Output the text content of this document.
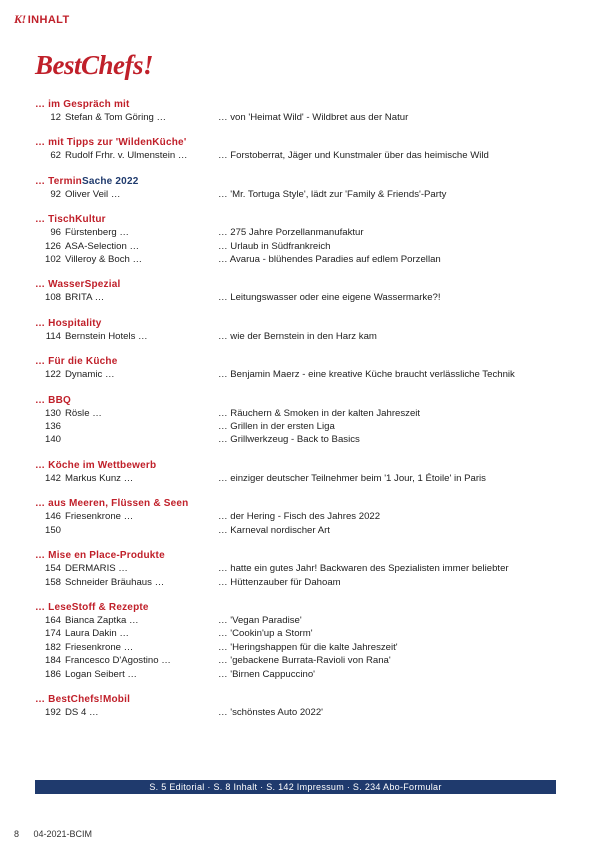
K! INHALT
BestChefs!
… im Gespräch mit
12 Stefan & Tom Göring …	… von 'Heimat Wild' - Wildbret aus der Natur
… mit Tipps zur 'WildenKüche'
62 Rudolf Frhr. v. Ulmenstein …	… Forstoberrat, Jäger und Kunstmaler über das heimische Wild
… TerminSache 2022
92 Oliver Veil …	… 'Mr. Tortuga Style', lädt zur 'Family & Friends'-Party
… TischKultur
96 Fürstenberg …	… 275 Jahre Porzellanmanufaktur
126 ASA-Selection …	… Urlaub in Südfrankreich
102 Villeroy & Boch …	… Avarua - blühendes Paradies auf edlem Porzellan
… WasserSpezial
108 BRITA …	… Leitungswasser oder eine eigene Wassermarke?!
… Hospitality
114 Bernstein Hotels …	… wie der Bernstein in den Harz kam
… Für die Küche
122 Dynamic …	… Benjamin Maerz - eine kreative Küche braucht verlässliche Technik
… BBQ
130 Rösle …	… Räuchern & Smoken in der kalten Jahreszeit
136	… Grillen in der ersten Liga
140	… Grillwerkzeug - Back to Basics
… Köche im Wettbewerb
142 Markus Kunz …	… einziger deutscher Teilnehmer beim '1 Jour, 1 Étoile' in Paris
… aus Meeren, Flüssen & Seen
146 Friesenkrone …	… der Hering - Fisch des Jahres 2022
150	… Karneval nordischer Art
… Mise en Place-Produkte
154 DERMARIS …	… hatte ein gutes Jahr! Backwaren des Spezialisten immer beliebter
158 Schneider Bräuhaus …	… Hüttenzauber für Dahoam
… LeseStoff & Rezepte
164 Bianca Zaptka …	… 'Vegan Paradise'
174 Laura Dakin …	… 'Cookin'up a Storm'
182 Friesenkrone …	… 'Heringshappen für die kalte Jahreszeit'
184 Francesco D'Agostino …	… 'gebackene Burrata-Ravioli von Rana'
186 Logan Seibert …	… 'Birnen Cappuccino'
… BestChefs!Mobil
192 DS 4 …	… 'schönstes Auto 2022'
S. 5 Editorial · S. 8 Inhalt · S. 142 Impressum · S. 234 Abo-Formular
8 04-2021-BCIM
